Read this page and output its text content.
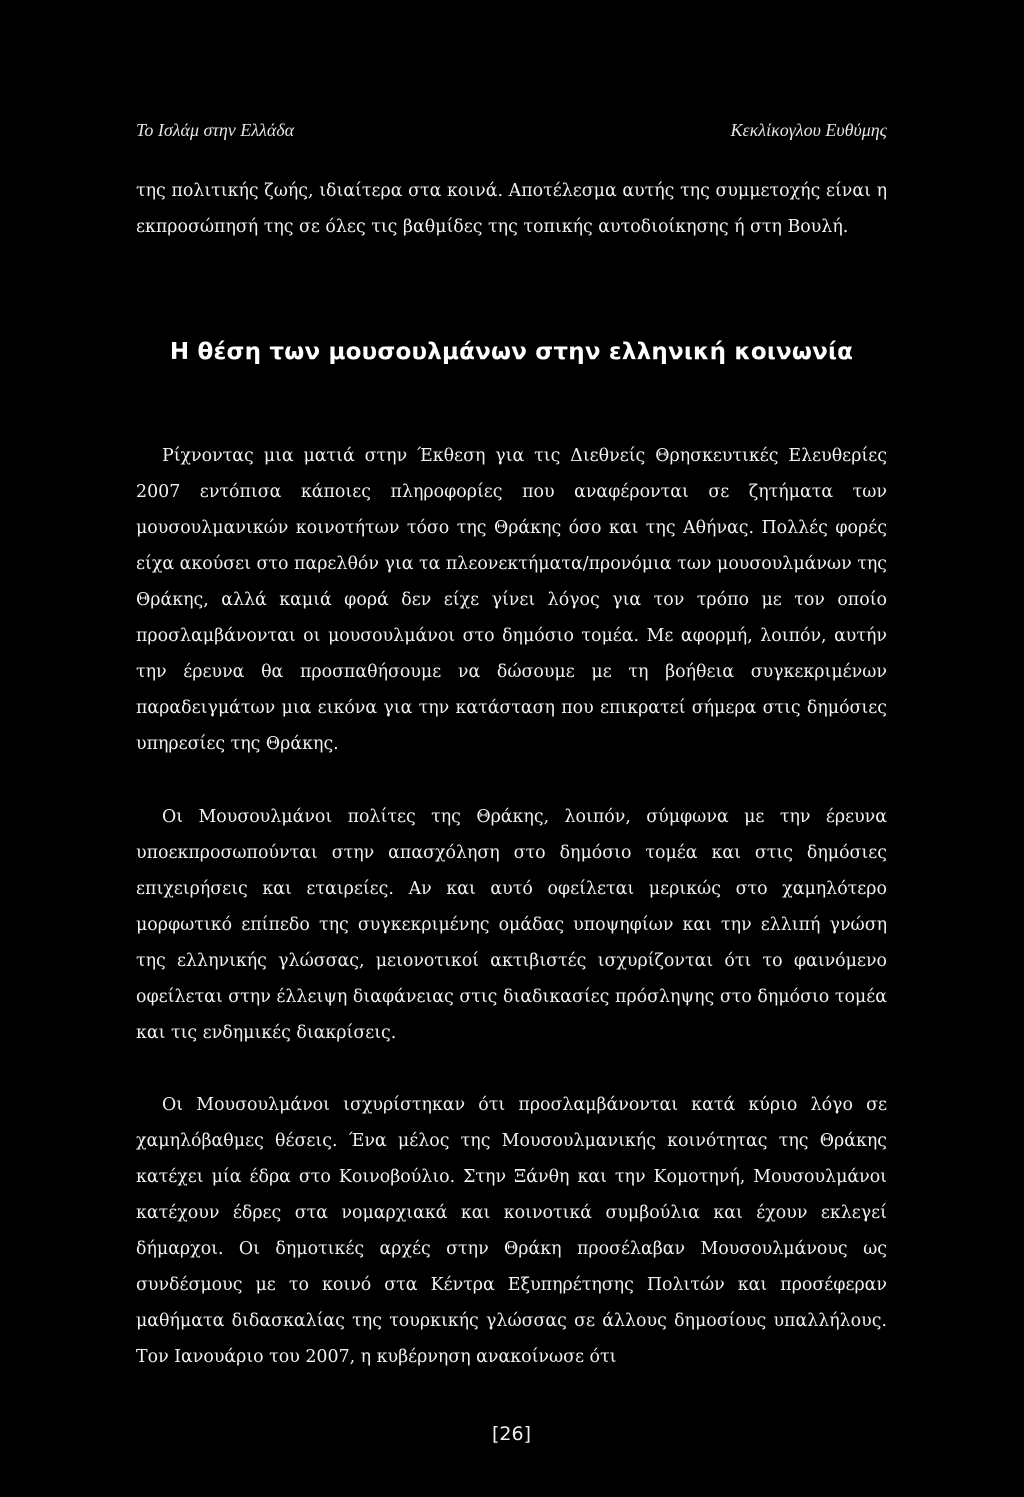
Το Ισλάμ στην Ελλάδα	Κεκλίκογλου Ευθύμης

της πολιτικής ζωής, ιδιαίτερα στα κοινά. Αποτέλεσμα αυτής της συμμετοχής είναι η εκπροσώπησή της σε όλες τις βαθμίδες της τοπικής αυτοδιοίκησης ή στη Βουλή.

Η θέση των μουσουλμάνων στην ελληνική κοινωνία

Ρίχνοντας μια ματιά στην Έκθεση για τις Διεθνείς Θρησκευτικές Ελευθερίες 2007 εντόπισα κάποιες πληροφορίες που αναφέρονται σε ζητήματα των μουσουλμανικών κοινοτήτων τόσο της Θράκης όσο και της Αθήνας. Πολλές φορές είχα ακούσει στο παρελθόν για τα πλεονεκτήματα/προνόμια των μουσουλμάνων της Θράκης, αλλά καμιά φορά δεν είχε γίνει λόγος για τον τρόπο με τον οποίο προσλαμβάνονται οι μουσουλμάνοι στο δημόσιο τομέα. Με αφορμή, λοιπόν, αυτήν την έρευνα θα προσπαθήσουμε να δώσουμε με τη βοήθεια συγκεκριμένων παραδειγμάτων μια εικόνα για την κατάσταση που επικρατεί σήμερα στις δημόσιες υπηρεσίες της Θράκης.

Οι Μουσουλμάνοι πολίτες της Θράκης, λοιπόν, σύμφωνα με την έρευνα υποεκπροσωπούνται στην απασχόληση στο δημόσιο τομέα και στις δημόσιες επιχειρήσεις και εταιρείες. Αν και αυτό οφείλεται μερικώς στο χαμηλότερο μορφωτικό επίπεδο της συγκεκριμένης ομάδας υποψηφίων και την ελλιπή γνώση της ελληνικής γλώσσας, μειονοτικοί ακτιβιστές ισχυρίζονται ότι το φαινόμενο οφείλεται στην έλλειψη διαφάνειας στις διαδικασίες πρόσληψης στο δημόσιο τομέα και τις ενδημικές διακρίσεις.

Οι Μουσουλμάνοι ισχυρίστηκαν ότι προσλαμβάνονται κατά κύριο λόγο σε χαμηλόβαθμες θέσεις. Ένα μέλος της Μουσουλμανικής κοινότητας της Θράκης κατέχει μία έδρα στο Κοινοβούλιο. Στην Ξάνθη και την Κομοτηνή, Μουσουλμάνοι κατέχουν έδρες στα νομαρχιακά και κοινοτικά συμβούλια και έχουν εκλεγεί δήμαρχοι. Οι δημοτικές αρχές στην Θράκη προσέλαβαν Μουσουλμάνους ως συνδέσμους με το κοινό στα Κέντρα Εξυπηρέτησης Πολιτών και προσέφεραν μαθήματα διδασκαλίας της τουρκικής γλώσσας σε άλλους δημοσίους υπαλλήλους. Τον Ιανουάριο του 2007, η κυβέρνηση ανακοίνωσε ότι

[26]
